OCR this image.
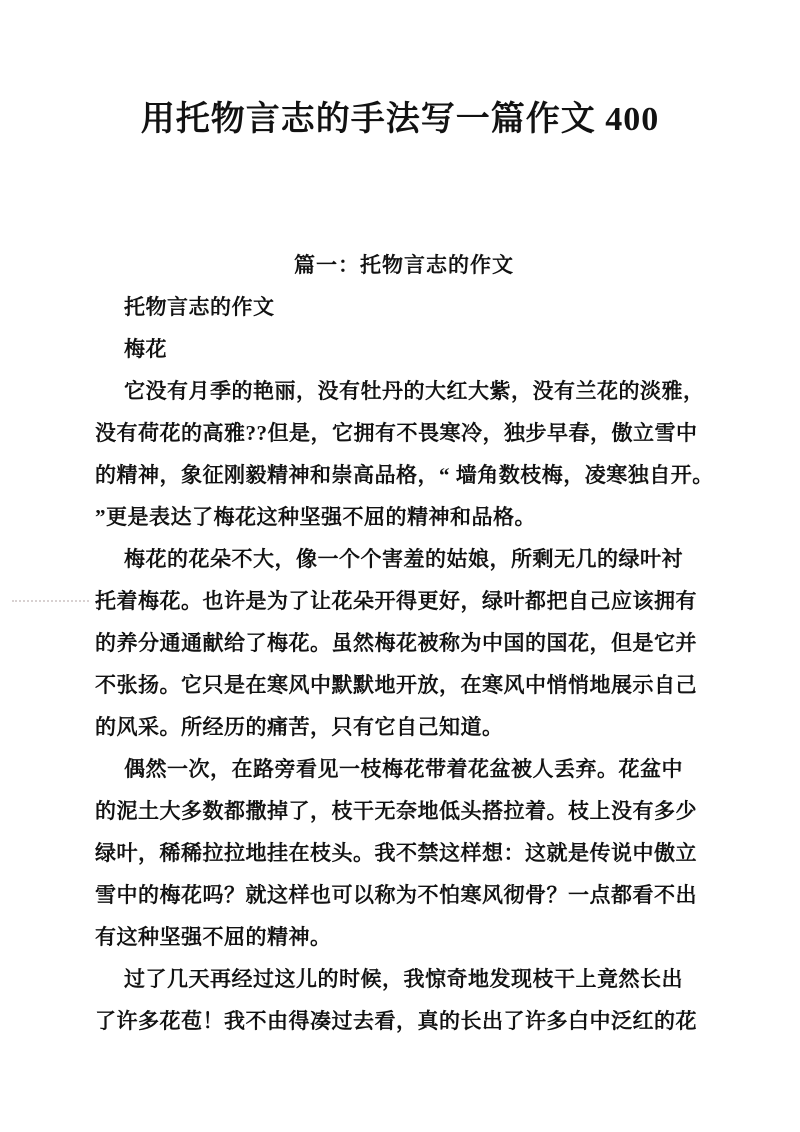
用托物言志的手法写一篇作文 400
篇一：托物言志的作文
托物言志的作文
梅花
它没有月季的艳丽，没有牡丹的大红大紫，没有兰花的淡雅，
没有荷花的高雅??但是，它拥有不畏寒冷，独步早春，傲立雪中
的精神，象征刚毅精神和崇高品格，“ 墙角数枝梅，凌寒独自开。
”更是表达了梅花这种坚强不屈的精神和品格。
梅花的花朵不大，像一个个害羞的姑娘，所剩无几的绿叶衬
托着梅花。也许是为了让花朵开得更好，绿叶都把自己应该拥有
的养分通通献给了梅花。虽然梅花被称为中国的国花，但是它并
不张扬。它只是在寒风中默默地开放，在寒风中悄悄地展示自己
的风采。所经历的痛苦，只有它自己知道。
偶然一次，在路旁看见一枝梅花带着花盆被人丢弃。花盆中
的泥土大多数都撒掉了，枝干无奈地低头搭拉着。枝上没有多少
绿叶，稀稀拉拉地挂在枝头。我不禁这样想：这就是传说中傲立
雪中的梅花吗？就这样也可以称为不怕寒风彻骨？一点都看不出
有这种坚强不屈的精神。
过了几天再经过这儿的时候，我惊奇地发现枝干上竟然长出
了许多花苞！我不由得凑过去看，真的长出了许多白中泛红的花
